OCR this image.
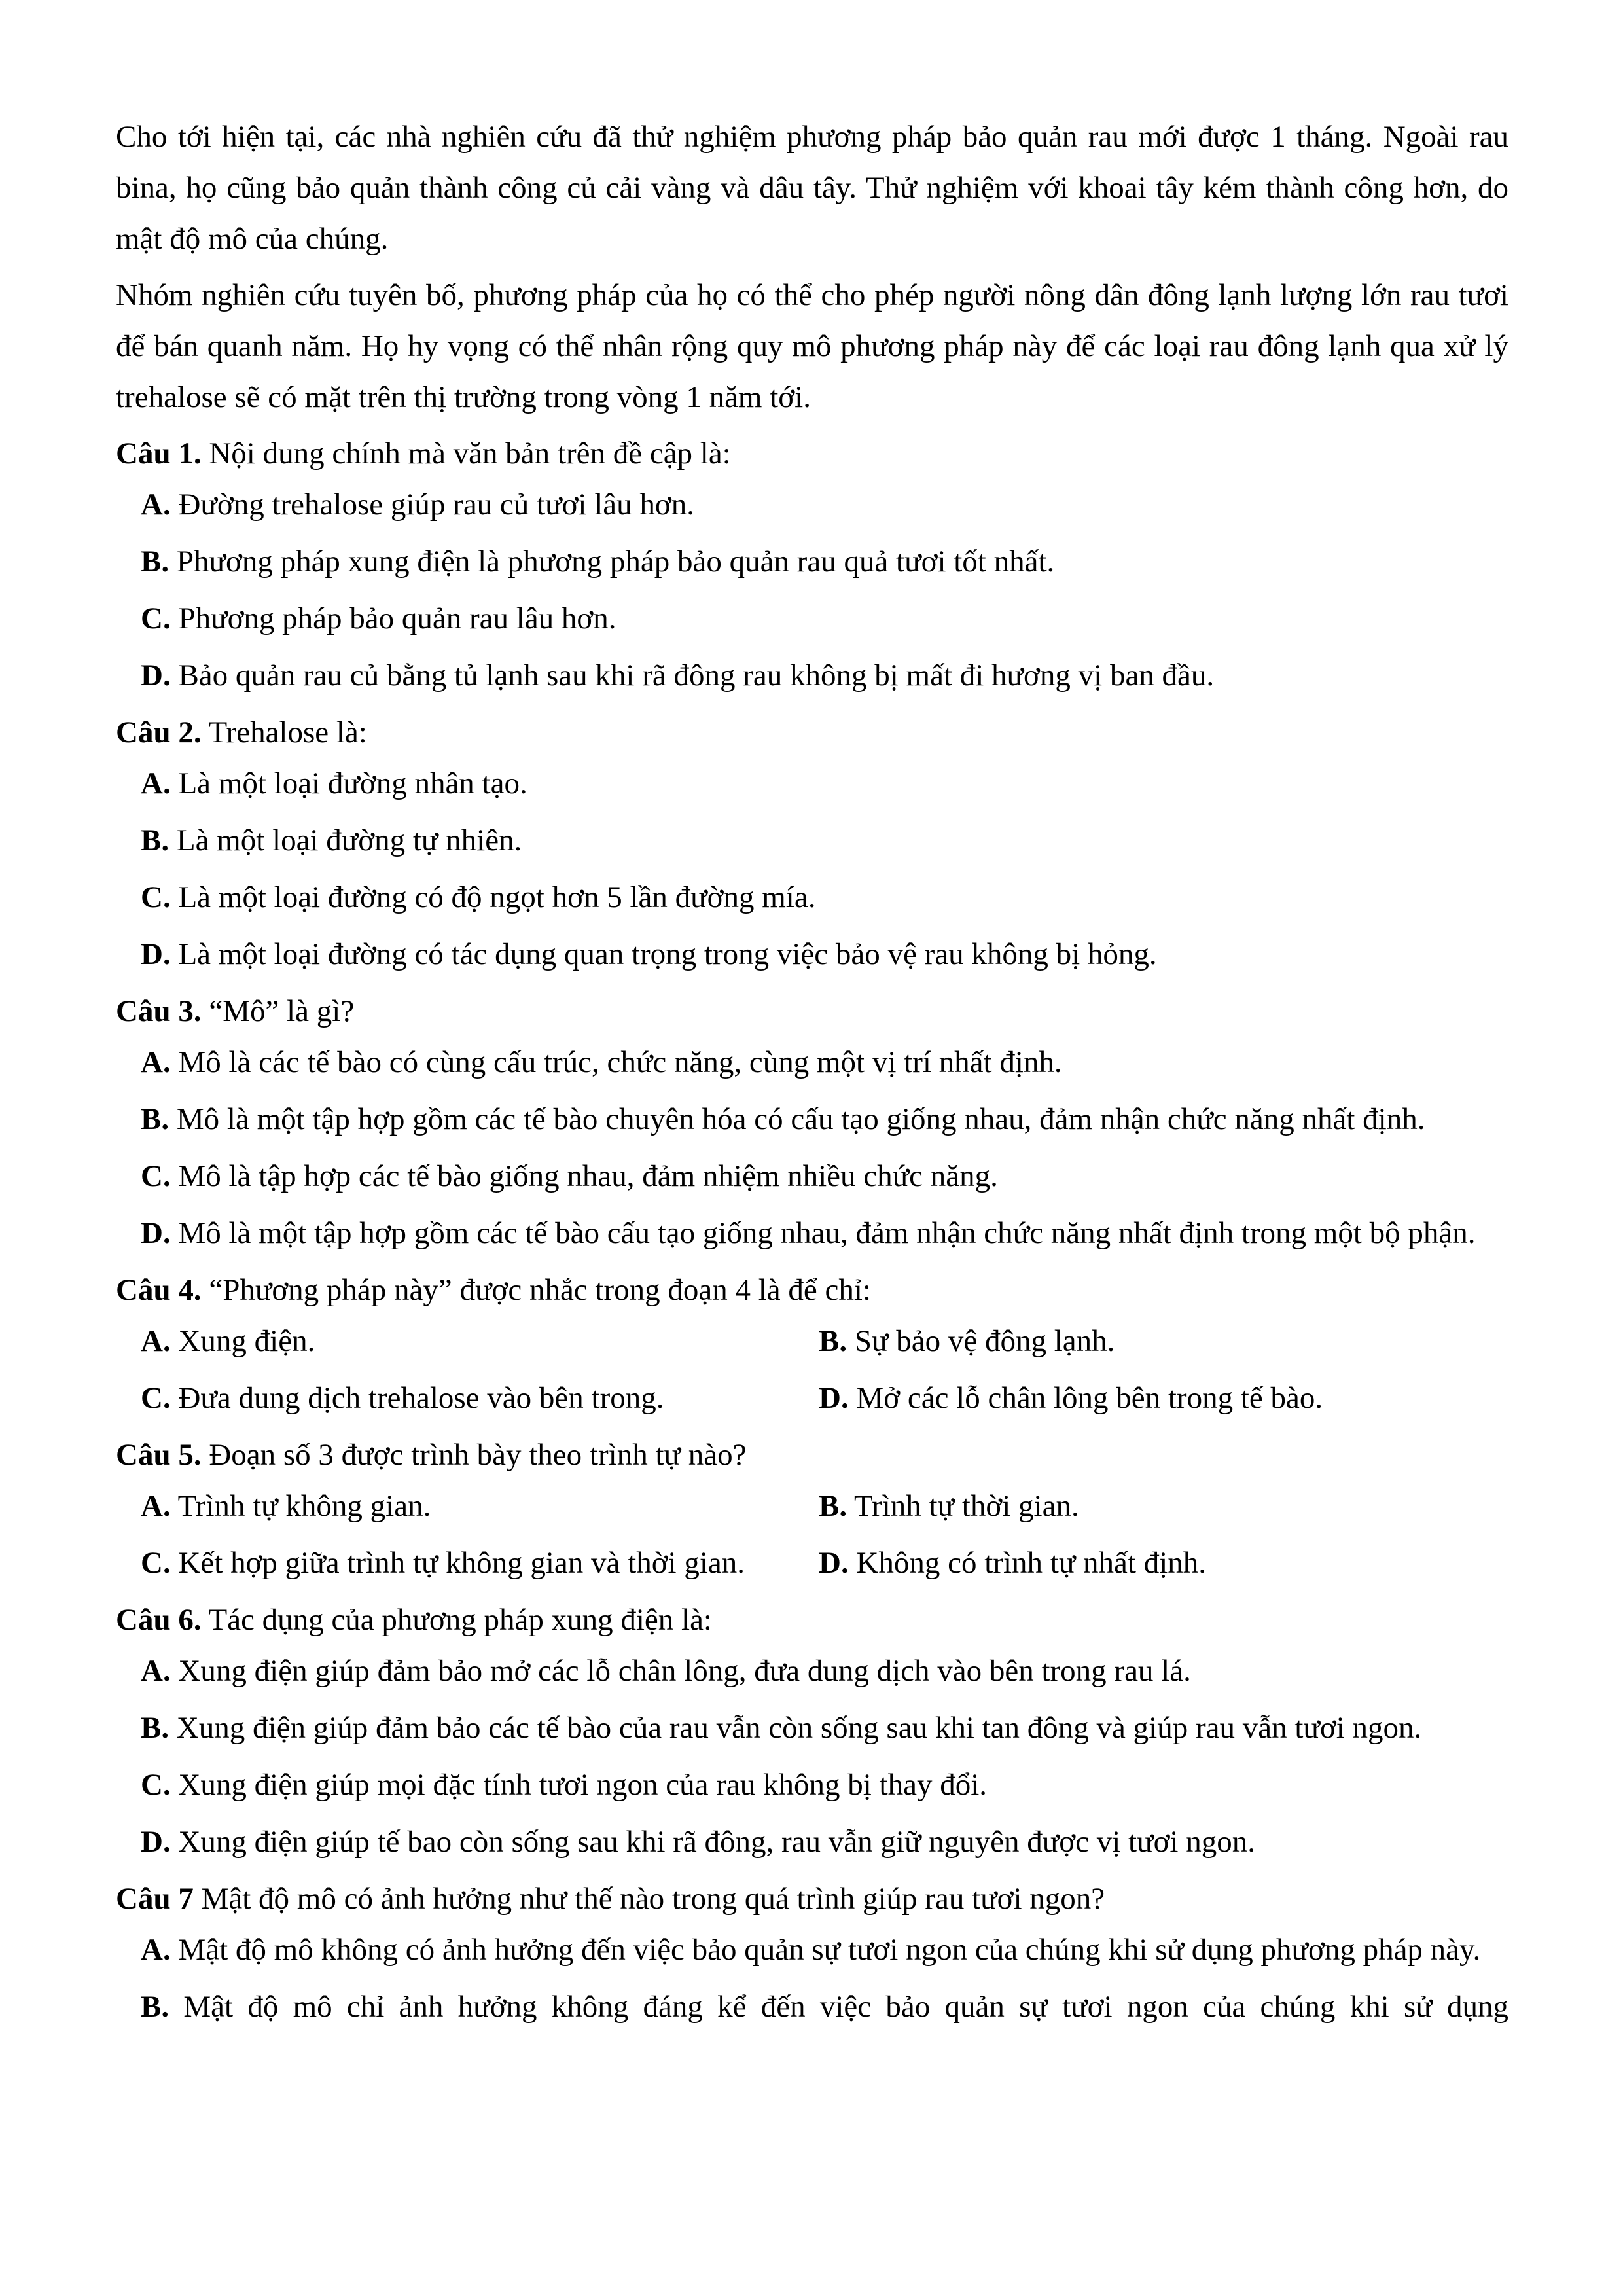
Cho tới hiện tại, các nhà nghiên cứu đã thử nghiệm phương pháp bảo quản rau mới được 1 tháng. Ngoài rau bina, họ cũng bảo quản thành công củ cải vàng và dâu tây. Thử nghiệm với khoai tây kém thành công hơn, do mật độ mô của chúng.

Nhóm nghiên cứu tuyên bố, phương pháp của họ có thể cho phép người nông dân đông lạnh lượng lớn rau tươi để bán quanh năm. Họ hy vọng có thể nhân rộng quy mô phương pháp này để các loại rau đông lạnh qua xử lý trehalose sẽ có mặt trên thị trường trong vòng 1 năm tới.

Câu 1. Nội dung chính mà văn bản trên đề cập là:
A. Đường trehalose giúp rau củ tươi lâu hơn.
B. Phương pháp xung điện là phương pháp bảo quản rau quả tươi tốt nhất.
C. Phương pháp bảo quản rau lâu hơn.
D. Bảo quản rau củ bằng tủ lạnh sau khi rã đông rau không bị mất đi hương vị ban đầu.
Câu 2. Trehalose là:
A. Là một loại đường nhân tạo.
B. Là một loại đường tự nhiên.
C. Là một loại đường có độ ngọt hơn 5 lần đường mía.
D. Là một loại đường có tác dụng quan trọng trong việc bảo vệ rau không bị hỏng.
Câu 3. “Mô” là gì?
A. Mô là các tế bào có cùng cấu trúc, chức năng, cùng một vị trí nhất định.
B. Mô là một tập hợp gồm các tế bào chuyên hóa có cấu tạo giống nhau, đảm nhận chức năng nhất định.
C. Mô là tập hợp các tế bào giống nhau, đảm nhiệm nhiều chức năng.
D. Mô là một tập hợp gồm các tế bào cấu tạo giống nhau, đảm nhận chức năng nhất định trong một bộ phận.
Câu 4. “Phương pháp này” được nhắc trong đoạn 4 là để chỉ:
A. Xung điện.	B. Sự bảo vệ đông lạnh.
C. Đưa dung dịch trehalose vào bên trong.	D. Mở các lỗ chân lông bên trong tế bào.
Câu 5. Đoạn số 3 được trình bày theo trình tự nào?
A. Trình tự không gian.	B. Trình tự thời gian.
C. Kết hợp giữa trình tự không gian và thời gian.	D. Không có trình tự nhất định.
Câu 6. Tác dụng của phương pháp xung điện là:
A. Xung điện giúp đảm bảo mở các lỗ chân lông, đưa dung dịch vào bên trong rau lá.
B. Xung điện giúp đảm bảo các tế bào của rau vẫn còn sống sau khi tan đông và giúp rau vẫn tươi ngon.
C. Xung điện giúp mọi đặc tính tươi ngon của rau không bị thay đổi.
D. Xung điện giúp tế bao còn sống sau khi rã đông, rau vẫn giữ nguyên được vị tươi ngon.
Câu 7 Mật độ mô có ảnh hưởng như thế nào trong quá trình giúp rau tươi ngon?
A. Mật độ mô không có ảnh hưởng đến việc bảo quản sự tươi ngon của chúng khi sử dụng phương pháp này.
B. Mật độ mô chỉ ảnh hưởng không đáng kể đến việc bảo quản sự tươi ngon của chúng khi sử dụng
